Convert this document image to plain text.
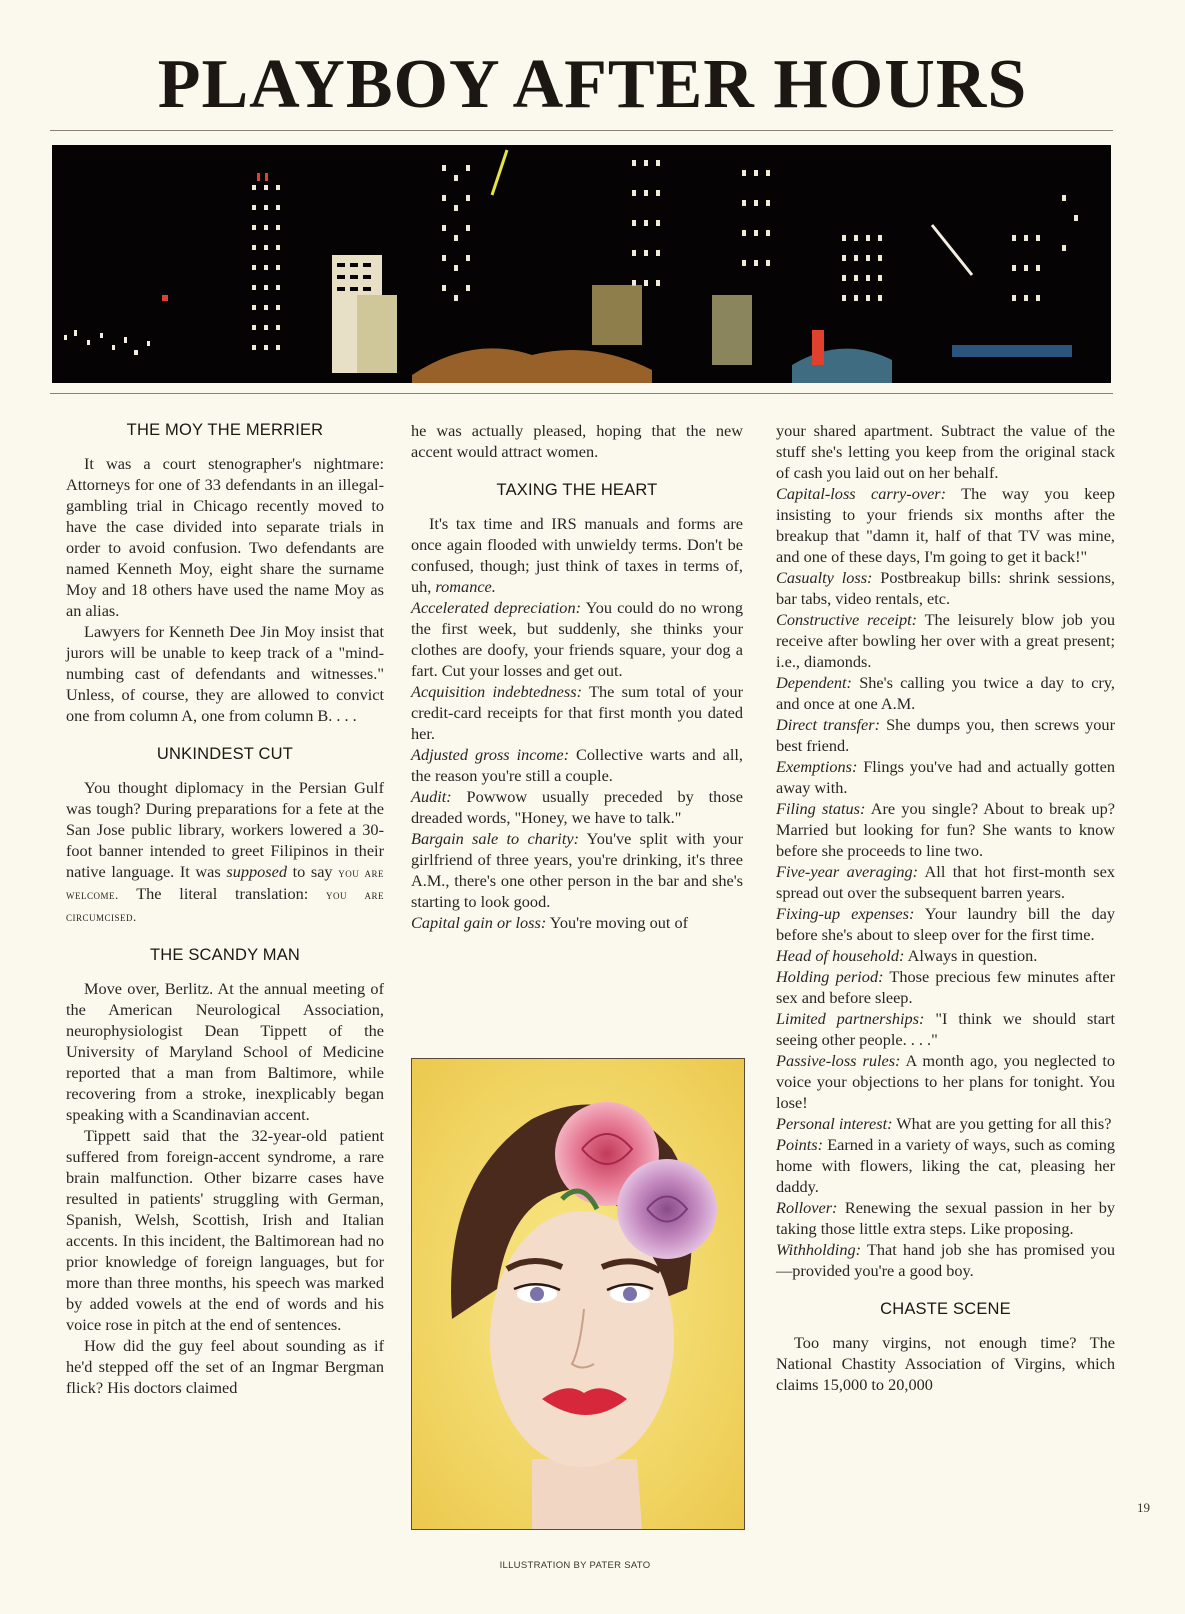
PLAYBOY AFTER HOURS
THE MOY THE MERRIER

It was a court stenographer's nightmare: Attorneys for one of 33 defendants in an illegal-gambling trial in Chicago recently moved to have the case divided into separate trials in order to avoid confusion. Two defendants are named Kenneth Moy, eight share the surname Moy and 18 others have used the name Moy as an alias.

Lawyers for Kenneth Dee Jin Moy insist that jurors will be unable to keep track of a "mind-numbing cast of defendants and witnesses." Unless, of course, they are allowed to convict one from column A, one from column B. . . .

UNKINDEST CUT

You thought diplomacy in the Persian Gulf was tough? During preparations for a fete at the San Jose public library, workers lowered a 30-foot banner intended to greet Filipinos in their native language. It was supposed to say you are welcome. The literal translation: you are circumcised.

THE SCANDY MAN

Move over, Berlitz. At the annual meeting of the American Neurological Association, neurophysiologist Dean Tippett of the University of Maryland School of Medicine reported that a man from Baltimore, while recovering from a stroke, inexplicably began speaking with a Scandinavian accent.

Tippett said that the 32-year-old patient suffered from foreign-accent syndrome, a rare brain malfunction. Other bizarre cases have resulted in patients' struggling with German, Spanish, Welsh, Scottish, Irish and Italian accents. In this incident, the Baltimorean had no prior knowledge of foreign languages, but for more than three months, his speech was marked by added vowels at the end of words and his voice rose in pitch at the end of sentences.

How did the guy feel about sounding as if he'd stepped off the set of an Ingmar Bergman flick? His doctors claimed

he was actually pleased, hoping that the new accent would attract women.

TAXING THE HEART

It's tax time and IRS manuals and forms are once again flooded with unwieldy terms. Don't be confused, though; just think of taxes in terms of, uh, romance.

Accelerated depreciation: You could do no wrong the first week, but suddenly, she thinks your clothes are doofy, your friends square, your dog a fart. Cut your losses and get out.

Acquisition indebtedness: The sum total of your credit-card receipts for that first month you dated her.

Adjusted gross income: Collective warts and all, the reason you're still a couple.

Audit: Powwow usually preceded by those dreaded words, "Honey, we have to talk."

Bargain sale to charity: You've split with your girlfriend of three years, you're drinking, it's three A.M., there's one other person in the bar and she's starting to look good.

Capital gain or loss: You're moving out of

your shared apartment. Subtract the value of the stuff she's letting you keep from the original stack of cash you laid out on her behalf.

Capital-loss carry-over: The way you keep insisting to your friends six months after the breakup that "damn it, half of that TV was mine, and one of these days, I'm going to get it back!"

Casualty loss: Postbreakup bills: shrink sessions, bar tabs, video rentals, etc.

Constructive receipt: The leisurely blow job you receive after bowling her over with a great present; i.e., diamonds.

Dependent: She's calling you twice a day to cry, and once at one A.M.

Direct transfer: She dumps you, then screws your best friend.

Exemptions: Flings you've had and actually gotten away with.

Filing status: Are you single? About to break up? Married but looking for fun? She wants to know before she proceeds to line two.

Five-year averaging: All that hot first-month sex spread out over the subsequent barren years.

Fixing-up expenses: Your laundry bill the day before she's about to sleep over for the first time.

Head of household: Always in question.

Holding period: Those precious few minutes after sex and before sleep.

Limited partnerships: "I think we should start seeing other people. . . ."

Passive-loss rules: A month ago, you neglected to voice your objections to her plans for tonight. You lose!

Personal interest: What are you getting for all this?

Points: Earned in a variety of ways, such as coming home with flowers, liking the cat, pleasing her daddy.

Rollover: Renewing the sexual passion in her by taking those little extra steps. Like proposing.

Withholding: That hand job she has promised you—provided you're a good boy.

CHASTE SCENE

Too many virgins, not enough time? The National Chastity Association of Virgins, which claims 15,000 to 20,000

ILLUSTRATION BY PATER SATO
19
